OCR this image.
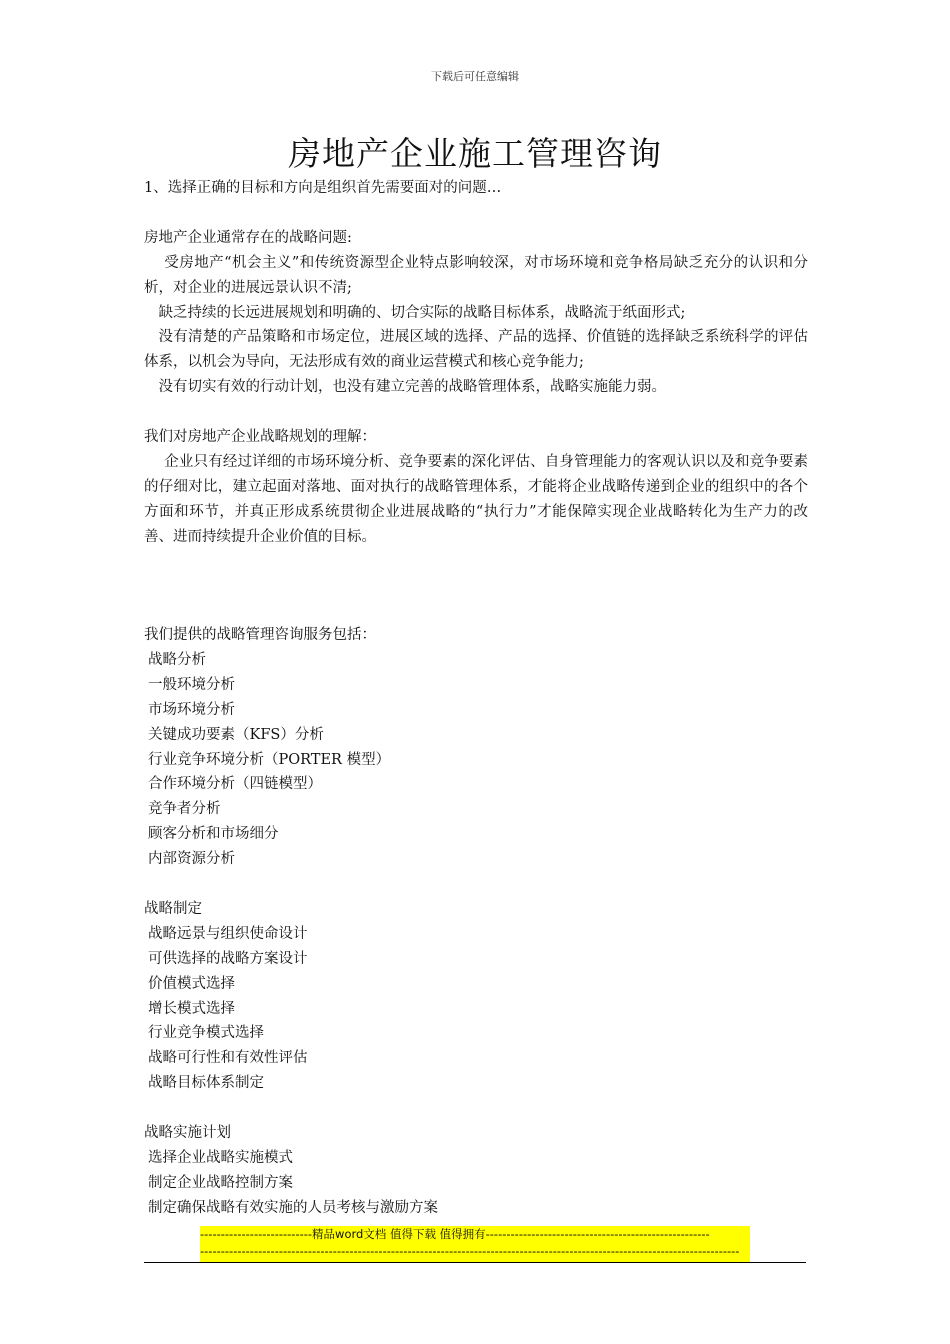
下载后可任意编辑
房地产企业施工管理咨询

1、选择正确的目标和方向是组织首先需要面对的问题…

房地产企业通常存在的战略问题:

受房地产“机会主义”和传统资源型企业特点影响较深，对市场环境和竞争格局缺乏充分的认识和分析，对企业的进展远景认识不清;

缺乏持续的长远进展规划和明确的、切合实际的战略目标体系，战略流于纸面形式;

没有清楚的产品策略和市场定位，进展区域的选择、产品的选择、价值链的选择缺乏系统科学的评估体系，以机会为导向，无法形成有效的商业运营模式和核心竞争能力;

没有切实有效的行动计划，也没有建立完善的战略管理体系，战略实施能力弱。

我们对房地产企业战略规划的理解：

企业只有经过详细的市场环境分析、竞争要素的深化评估、自身管理能力的客观认识以及和竞争要素的仔细对比，建立起面对落地、面对执行的战略管理体系，才能将企业战略传递到企业的组织中的各个方面和环节，并真正形成系统贯彻企业进展战略的“执行力”才能保障实现企业战略转化为生产力的改善、进而持续提升企业价值的目标。

我们提供的战略管理咨询服务包括：

战略分析

一般环境分析

市场环境分析

关键成功要素（KFS）分析

行业竞争环境分析（PORTER 模型）

合作环境分析（四链模型）

竞争者分析

顾客分析和市场细分

内部资源分析

战略制定

战略远景与组织使命设计

可供选择的战略方案设计

价值模式选择

增长模式选择

行业竞争模式选择

战略可行性和有效性评估

战略目标体系制定

战略实施计划

选择企业战略实施模式

制定企业战略控制方案

制定确保战略有效实施的人员考核与激励方案

---------------------------精品word文档 值得下载 值得拥有------------------------------------------------------
----------------------------------------------------------------------------------------------------------------------------------
